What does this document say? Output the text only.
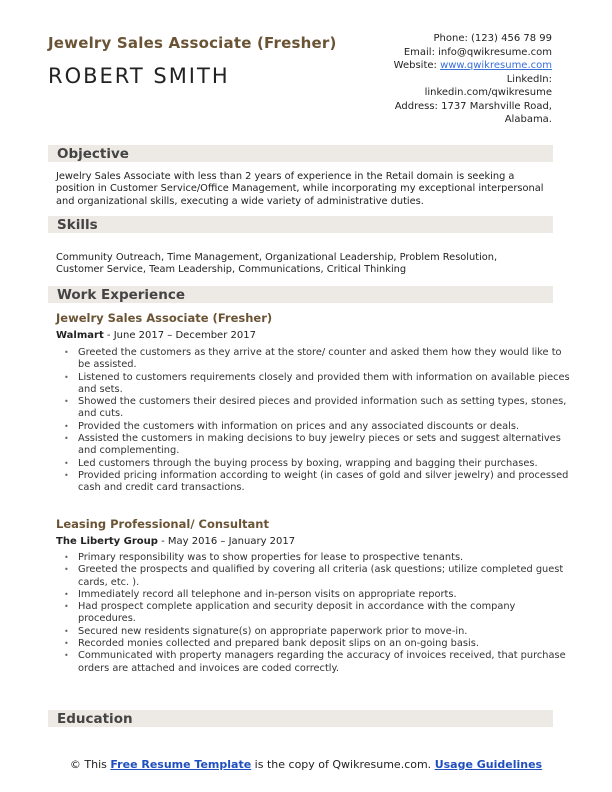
Jewelry Sales Associate (Fresher)
ROBERT SMITH
Phone: (123) 456 78 99
Email: info@qwikresume.com
Website: www.qwikresume.com
LinkedIn:
linkedin.com/qwikresume
Address: 1737 Marshville Road,
Alabama.
Objective
Jewelry Sales Associate with less than 2 years of experience in the Retail domain is seeking a position in Customer Service/Office Management, while incorporating my exceptional interpersonal and organizational skills, executing a wide variety of administrative duties.
Skills
Community Outreach, Time Management, Organizational Leadership, Problem Resolution, Customer Service, Team Leadership, Communications, Critical Thinking
Work Experience
Jewelry Sales Associate (Fresher)
Walmart - June 2017 – December 2017
• Greeted the customers as they arrive at the store/ counter and asked them how they would like to be assisted.
• Listened to customers requirements closely and provided them with information on available pieces and sets.
• Showed the customers their desired pieces and provided information such as setting types, stones, and cuts.
• Provided the customers with information on prices and any associated discounts or deals.
• Assisted the customers in making decisions to buy jewelry pieces or sets and suggest alternatives and complementing.
• Led customers through the buying process by boxing, wrapping and bagging their purchases.
• Provided pricing information according to weight (in cases of gold and silver jewelry) and processed cash and credit card transactions.
Leasing Professional/ Consultant
The Liberty Group - May 2016 – January 2017
• Primary responsibility was to show properties for lease to prospective tenants.
• Greeted the prospects and qualified by covering all criteria (ask questions; utilize completed guest cards, etc. ).
• Immediately record all telephone and in-person visits on appropriate reports.
• Had prospect complete application and security deposit in accordance with the company procedures.
• Secured new residents signature(s) on appropriate paperwork prior to move-in.
• Recorded monies collected and prepared bank deposit slips on an on-going basis.
• Communicated with property managers regarding the accuracy of invoices received, that purchase orders are attached and invoices are coded correctly.
Education
© This Free Resume Template is the copy of Qwikresume.com. Usage Guidelines
